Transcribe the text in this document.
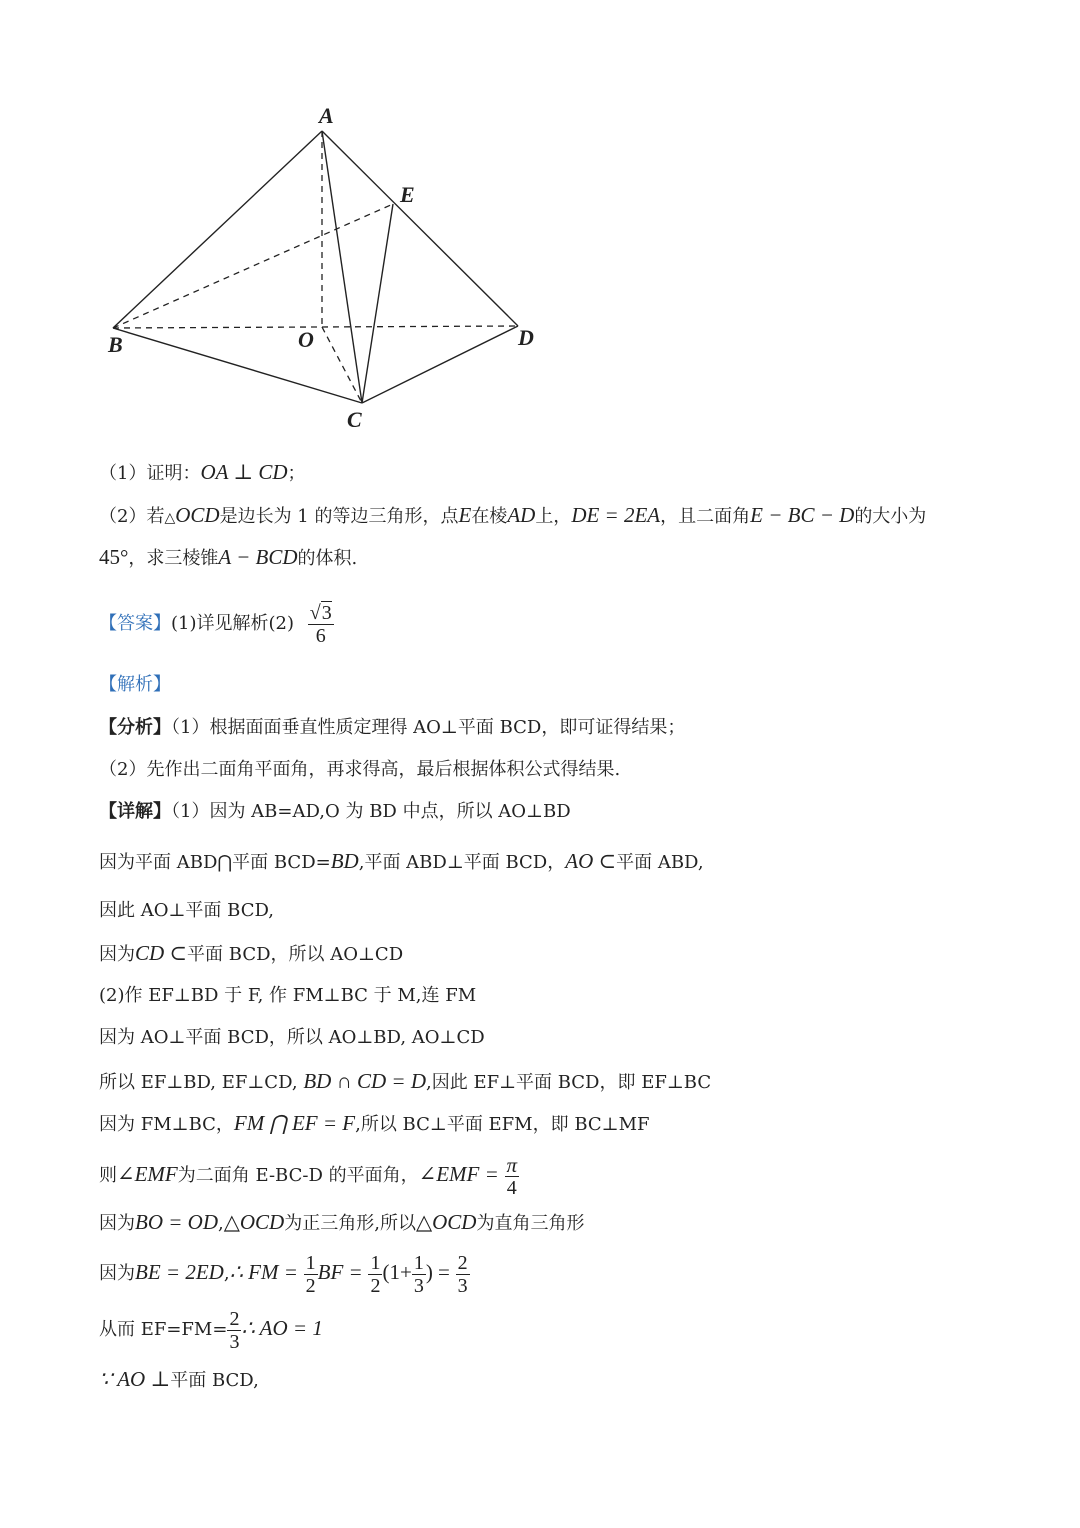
A
E
B	O	D
C
（1）证明：OA ⊥ CD；
（2）若△OCD是边长为 1 的等边三角形，点E在棱AD上，DE = 2EA，且二面角E − BC − D的大小为
45°，求三棱锥A − BCD的体积.
【答案】(1)详见解析$(2) \frac{√3}{6}$
【解析】
【分析】（1）根据面面垂直性质定理得 AO⊥平面 BCD，即可证得结果；
（2）先作出二面角平面角，再求得高，最后根据体积公式得结果.
【详解】（1）因为 AB=AD,O 为 BD 中点，所以 AO⊥BD
因为平面 ABD⋂平面 BCD=BD,平面 ABD⊥平面 BCD，AO ⊂平面 ABD,
因此 AO⊥平面 BCD,
因为CD ⊂平面 BCD，所以 AO⊥CD
(2)作 EF⊥BD 于 F, 作 FM⊥BC 于 M,连 FM
因为 AO⊥平面 BCD，所以 AO⊥BD, AO⊥CD
所以 EF⊥BD, EF⊥CD, BD ∩ CD = D,因此 EF⊥平面 BCD，即 EF⊥BC
因为 FM⊥BC，FM ⋂ EF = F,所以 BC⊥平面 EFM，即 BC⊥MF
则∠EMF为二面角 E-BC-D 的平面角，∠EMF = $\frac{\pi}{4}$
因为BO = OD,△OCD为正三角形,所以△OCD为直角三角形
因为BE = 2ED,∴ FM = $\frac{1}{2}$ BF = $\frac{1}{2} (1+ \frac{1}{3}$ ) = $\frac{2}{3}$
从而 $EF=FM= \frac{2}{3}$ ∴ AO = 1
∵ AO ⊥平面 BCD,
